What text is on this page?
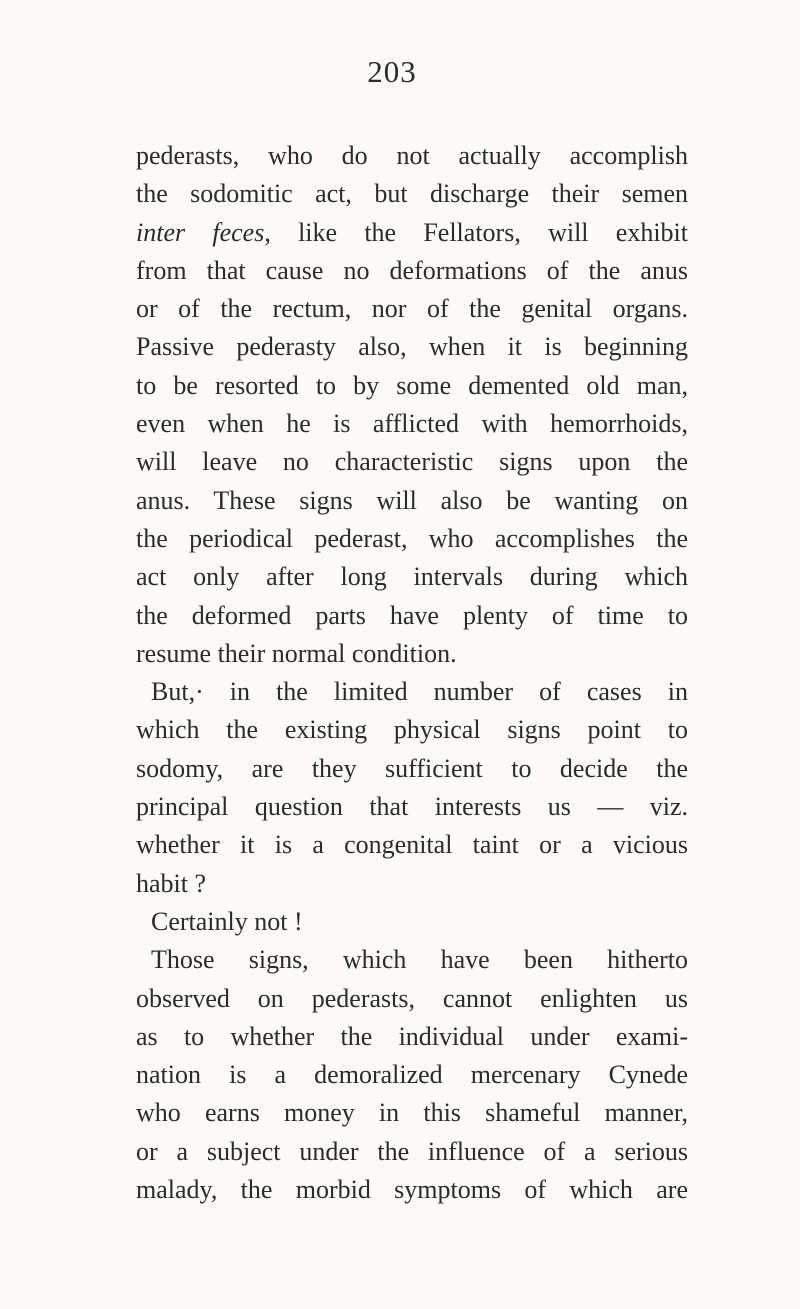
203
pederasts, who do not actually accomplish
the sodomitic act, but discharge their semen
inter feces, like the Fellators, will exhibit
from that cause no deformations of the anus
or of the rectum, nor of the genital organs.
Passive pederasty also, when it is beginning
to be resorted to by some demented old man,
even when he is afflicted with hemorrhoids,
will leave no characteristic signs upon the
anus. These signs will also be wanting on
the periodical pederast, who accomplishes the
act only after long intervals during which
the deformed parts have plenty of time to
resume their normal condition.
But,· in the limited number of cases in
which the existing physical signs point to
sodomy, are they sufficient to decide the
principal question that interests us — viz.
whether it is a congenital taint or a vicious
habit ?
Certainly not !
Those signs, which have been hitherto
observed on pederasts, cannot enlighten us
as to whether the individual under exami-
nation is a demoralized mercenary Cynede
who earns money in this shameful manner,
or a subject under the influence of a serious
malady, the morbid symptoms of which are
